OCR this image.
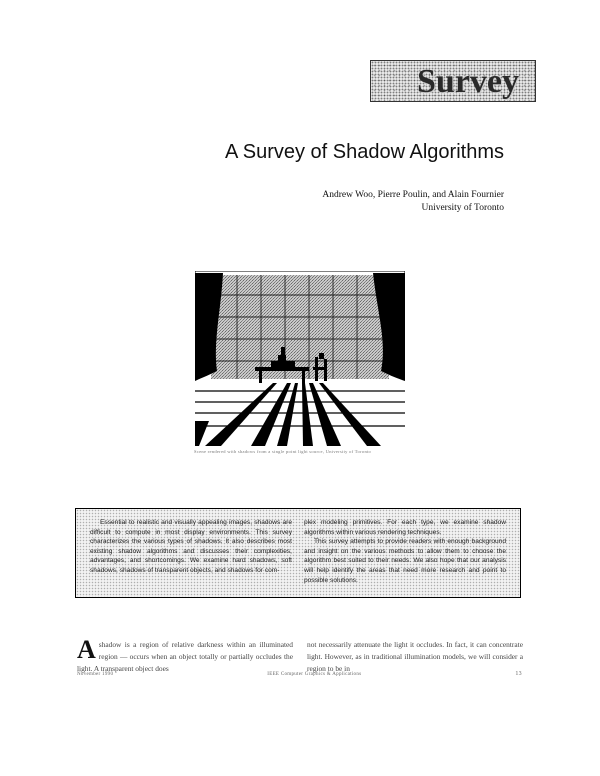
Survey
A Survey of Shadow Algorithms
Andrew Woo, Pierre Poulin, and Alain Fournier
University of Toronto
Scene rendered with shadows from a single point light source, University of Toronto

Essential to realistic and visually appealing images, shadows are difficult to compute in most display environments. This survey characterizes the various types of shadows. It also describes most existing shadow algorithms and discusses their complexities, advantages, and shortcomings. We examine hard shadows, soft shadows, shadows of transparent objects, and shadows for com-

plex modeling primitives. For each type, we examine shadow algorithms within various rendering techniques.

This survey attempts to provide readers with enough background and insight on the various methods to allow them to choose the algorithm best suited to their needs. We also hope that our analysis will help identify the areas that need more research and point to possible solutions.

Ashadow is a region of relative darkness within an illuminated region — occurs when an object totally or partially occludes the light. A transparent object does
not necessarily attenuate the light it occludes. In fact, it can concentrate light. However, as in traditional illumination models, we will consider a region to be in
November 1990	IEEE Computer Graphics & Applications	13
